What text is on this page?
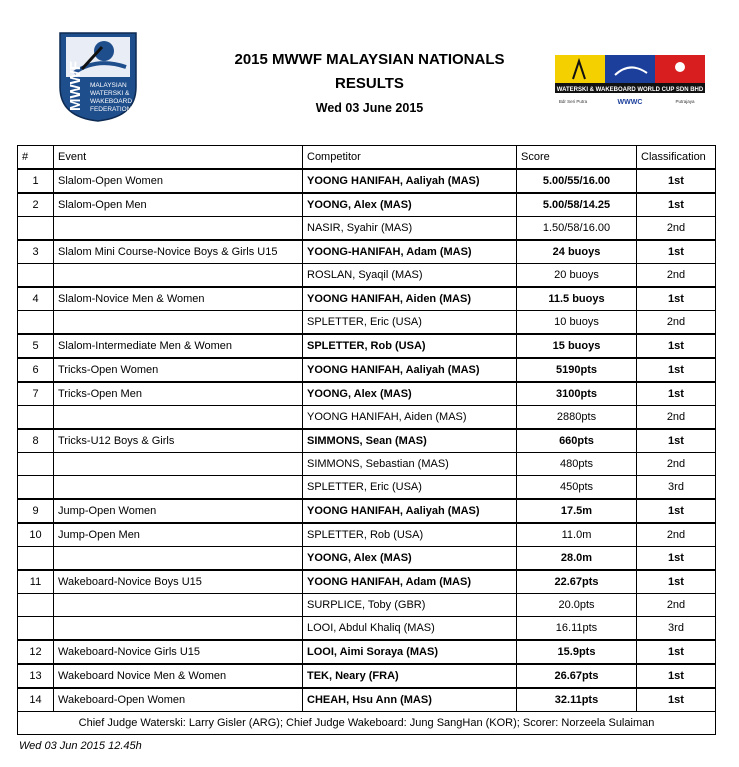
MWWF MALAYSIAN
WATERSKI &
WAKEBOARD
FEDERATION
2015 MWWF MALAYSIAN NATIONALS
RESULTS
Wed 03 June 2015
WATERSKI & WAKEBOARD WORLD CUP SDN BHD
Bdr Seri Putra	WWWC	Putrajaya
#	Event	Competitor	Score	Classification
1	Slalom-Open Women	YOONG HANIFAH, Aaliyah (MAS)	5.00/55/16.00	1st
2	Slalom-Open Men	YOONG, Alex (MAS)	5.00/58/14.25	1st
		NASIR, Syahir (MAS)	1.50/58/16.00	2nd
3	Slalom Mini Course-Novice Boys & Girls U15	YOONG-HANIFAH, Adam (MAS)	24 buoys	1st
		ROSLAN, Syaqil (MAS)	20 buoys	2nd
4	Slalom-Novice Men & Women	YOONG HANIFAH, Aiden (MAS)	11.5 buoys	1st
		SPLETTER, Eric (USA)	10 buoys	2nd
5	Slalom-Intermediate Men & Women	SPLETTER, Rob (USA)	15 buoys	1st
6	Tricks-Open Women	YOONG HANIFAH, Aaliyah (MAS)	5190pts	1st
7	Tricks-Open Men	YOONG, Alex (MAS)	3100pts	1st
		YOONG HANIFAH, Aiden (MAS)	2880pts	2nd
8	Tricks-U12 Boys & Girls	SIMMONS, Sean (MAS)	660pts	1st
		SIMMONS, Sebastian (MAS)	480pts	2nd
		SPLETTER, Eric (USA)	450pts	3rd
9	Jump-Open Women	YOONG HANIFAH, Aaliyah (MAS)	17.5m	1st
10	Jump-Open Men	SPLETTER, Rob (USA)	11.0m	2nd
		YOONG, Alex (MAS)	28.0m	1st
11	Wakeboard-Novice Boys U15	YOONG HANIFAH, Adam (MAS)	22.67pts	1st
		SURPLICE, Toby (GBR)	20.0pts	2nd
		LOOI, Abdul Khaliq (MAS)	16.11pts	3rd
12	Wakeboard-Novice Girls U15	LOOI, Aimi Soraya (MAS)	15.9pts	1st
13	Wakeboard Novice Men & Women	TEK, Neary (FRA)	26.67pts	1st
14	Wakeboard-Open Women	CHEAH, Hsu Ann (MAS)	32.11pts	1st
Chief Judge Waterski: Larry Gisler (ARG); Chief Judge Wakeboard: Jung SangHan (KOR); Scorer: Norzeela Sulaiman				
Wed 03 Jun 2015 12.45h
